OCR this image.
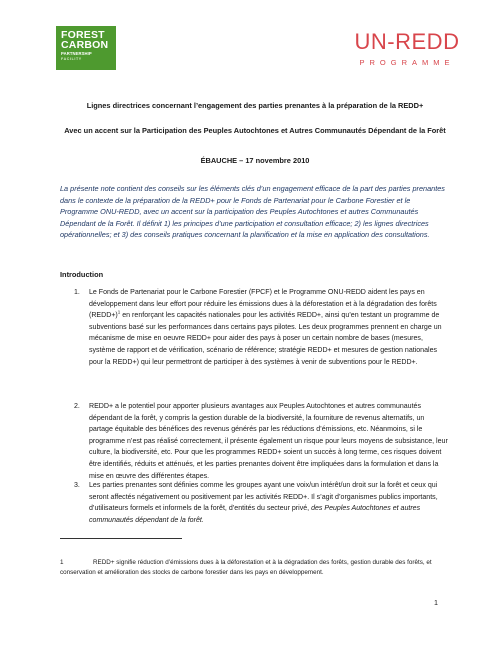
FOREST
CARBON
PARTNERSHIP
FACILITY
UN-REDD
PROGRAMME
Lignes directrices concernant l’engagement des parties prenantes à la préparation de la REDD+
Avec un accent sur la Participation des Peuples Autochtones et Autres Communautés Dépendant de la Forêt
ÉBAUCHE – 17 novembre 2010
La présente note contient des conseils sur les éléments clés d’un engagement efficace de la part des parties prenantes dans le contexte de la préparation de la REDD+ pour le Fonds de Partenariat pour le Carbone Forestier et le Programme ONU-REDD, avec un accent sur la participation des Peuples Autochtones et autres Communautés Dépendant de la Forêt. Il définit 1) les principes d’une participation et consultation efficace; 2) les lignes directrices opérationnelles; et 3) des conseils pratiques concernant la planification et la mise en application des consultations.
Introduction
1. Le Fonds de Partenariat pour le Carbone Forestier (FPCF) et le Programme ONU-REDD aident les pays en développement dans leur effort pour réduire les émissions dues à la déforestation et à la dégradation des forêts (REDD+)$^1$ en renforçant les capacités nationales pour les activités REDD+, ainsi qu’en testant un programme de subventions basé sur les performances dans certains pays pilotes. Les deux programmes prennent en charge un mécanisme de mise en oeuvre REDD+ pour aider des pays à poser un certain nombre de bases (mesures, système de rapport et de vérification, scénario de référence; stratégie REDD+ et mesures de gestion nationales pour la REDD+) qui leur permettront de participer à des systèmes à venir de subventions pour le REDD+.
2. REDD+ a le potentiel pour apporter plusieurs avantages aux Peuples Autochtones et autres communautés dépendant de la forêt, y compris la gestion durable de la biodiversité, la fourniture de revenus alternatifs, un partage équitable des bénéfices des revenus générés par les réductions d’émissions, etc. Néanmoins, si le programme n’est pas réalisé correctement, il présente également un risque pour leurs moyens de subsistance, leur culture, la biodiversité, etc. Pour que les programmes REDD+ soient un succès à long terme, ces risques doivent être identifiés, réduits et atténués, et les parties prenantes doivent être impliquées dans la formulation et dans la mise en œuvre des différentes étapes.
3. Les parties prenantes sont définies comme les groupes ayant une voix/un intérêt/un droit sur la forêt et ceux qui seront affectés négativement ou positivement par les activités REDD+. Il s’agit d’organismes publics importants, d’utilisateurs formels et informels de la forêt, d’entités du secteur privé, des Peuples Autochtones et autres communautés dépendant de la forêt.
1	REDD+ signifie réduction d’émissions dues à la déforestation et à la dégradation des forêts, gestion durable des forêts, et conservation et amélioration des stocks de carbone forestier dans les pays en développement.
1
